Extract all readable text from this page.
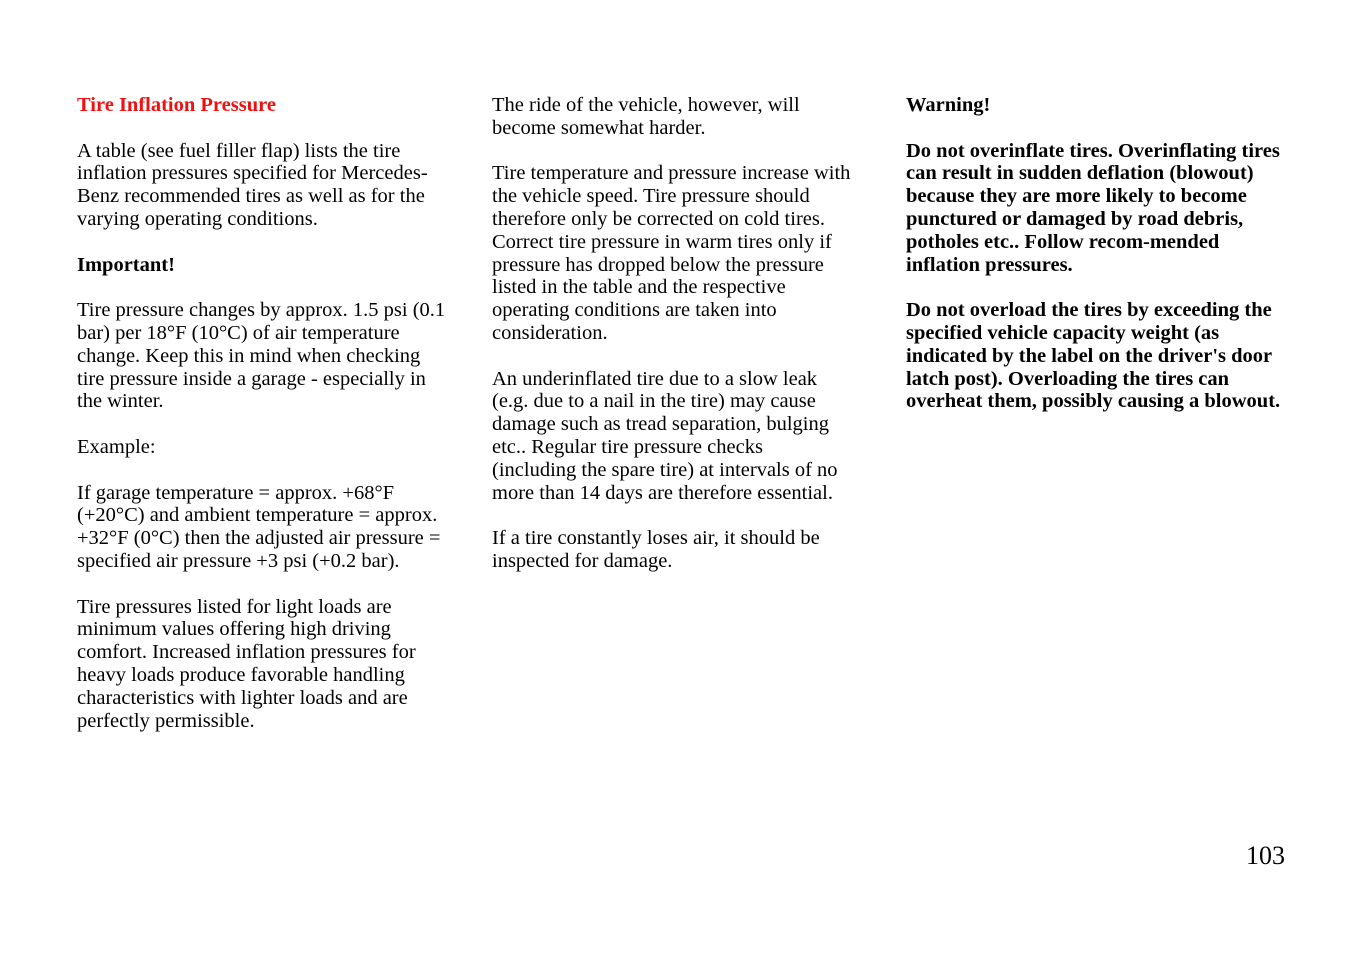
Tire Inflation Pressure

A table (see fuel filler flap) lists the tire inflation pressures specified for Mercedes-Benz recommended tires as well as for the varying operating conditions.

Important!

Tire pressure changes by approx. 1.5 psi (0.1 bar) per 18°F (10°C) of air temperature change. Keep this in mind when checking tire pressure inside a garage - especially in the winter.

Example:

If garage temperature = approx. +68°F (+20°C) and ambient temperature = approx. +32°F (0°C) then the adjusted air pressure = specified air pressure +3 psi (+0.2 bar).

Tire pressures listed for light loads are minimum values offering high driving comfort. Increased inflation pressures for heavy loads produce favorable handling characteristics with lighter loads and are perfectly permissible.

The ride of the vehicle, however, will become somewhat harder.

Tire temperature and pressure increase with the vehicle speed. Tire pressure should therefore only be corrected on cold tires. Correct tire pressure in warm tires only if pressure has dropped below the pressure listed in the table and the respective operating conditions are taken into consideration.

An underinflated tire due to a slow leak (e.g. due to a nail in the tire) may cause damage such as tread separation, bulging etc.. Regular tire pressure checks (including the spare tire) at intervals of no more than 14 days are therefore essential.

If a tire constantly loses air, it should be inspected for damage.

Warning!

Do not overinflate tires. Overinflating tires can result in sudden deflation (blowout) because they are more likely to become punctured or damaged by road debris, potholes etc.. Follow recom-mended inflation pressures.

Do not overload the tires by exceeding the specified vehicle capacity weight (as indicated by the label on the driver's door latch post). Overloading the tires can overheat them, possibly causing a blowout.

103
